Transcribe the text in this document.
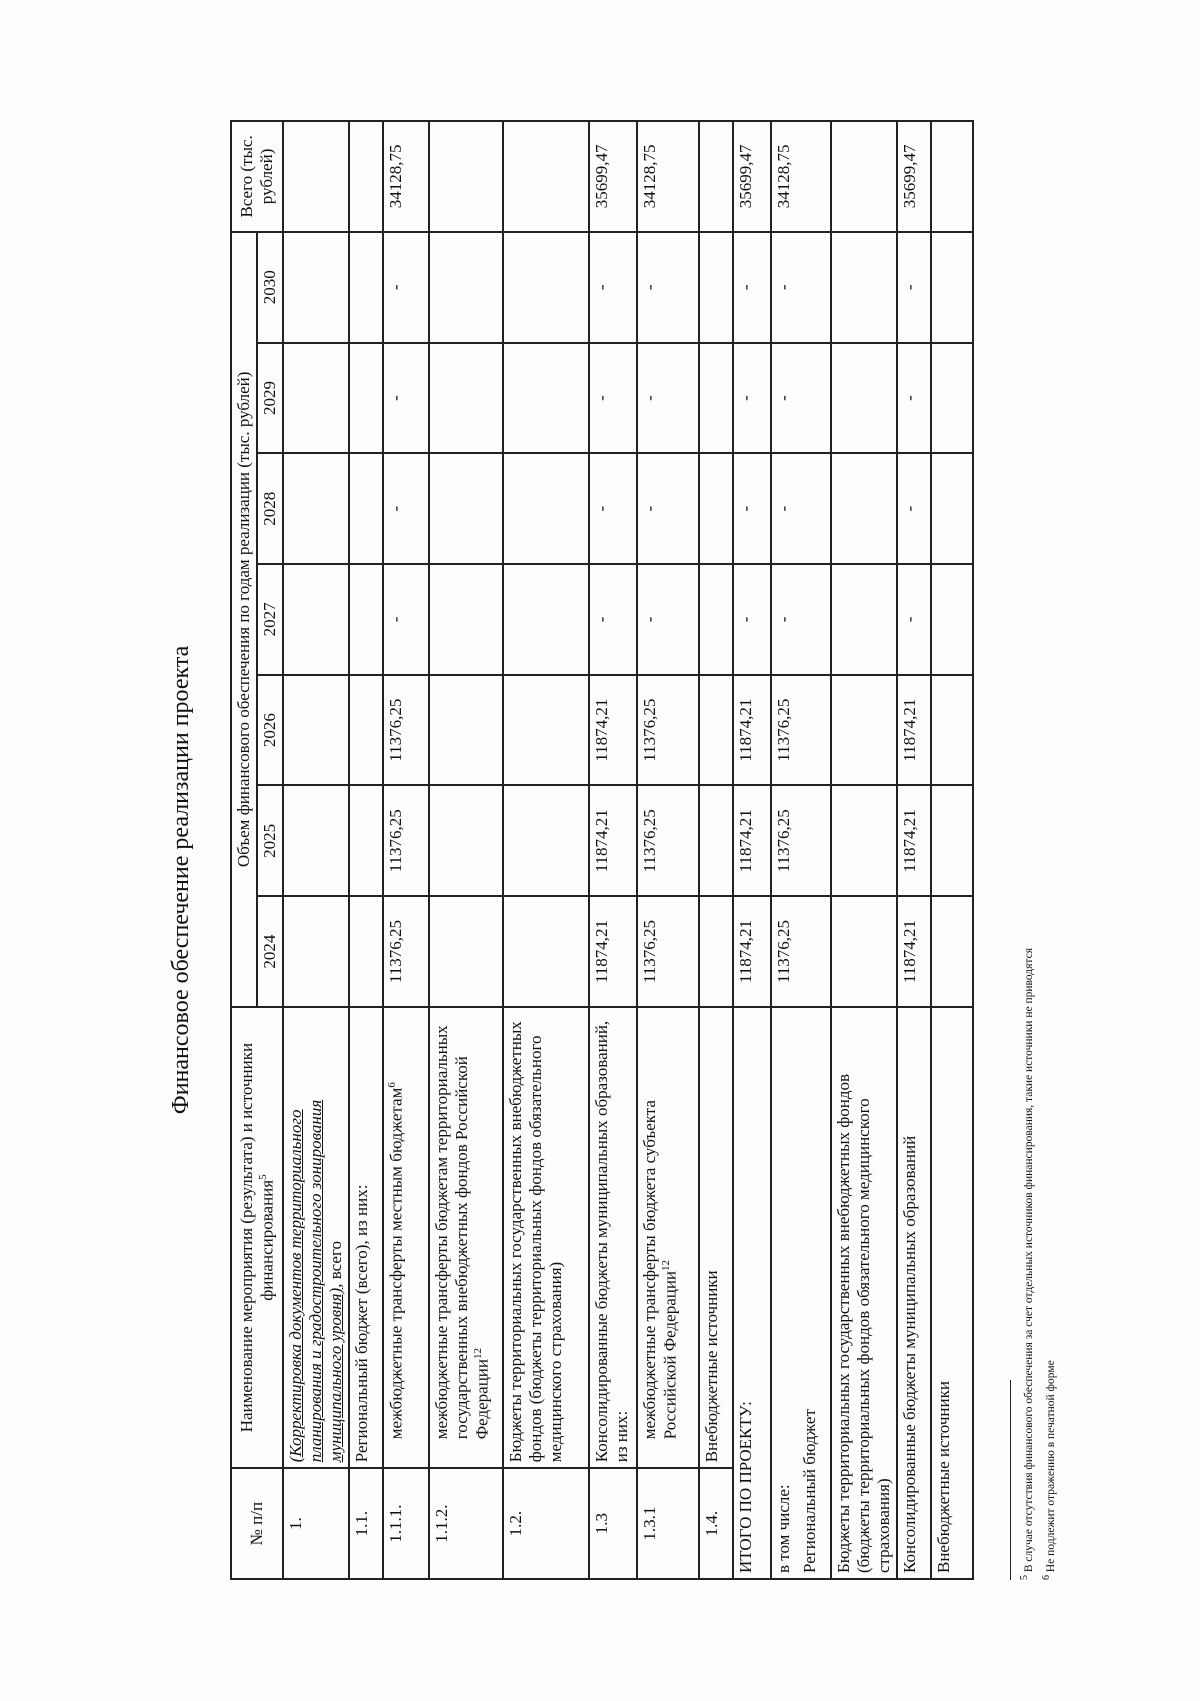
Финансовое обеспечение реализации проекта
№ п/п	Наименование мероприятия (результата) и источники финансирования$^5$	Объем финансового обеспечения по годам реализации (тыс. рублей)							Всего (тыс. рублей)
		2024	2025	2026	2027	2028	2029	2030	
1.	(Корректировка документов территориального планирования и градостроительного зонирования муниципального уровня), всего								
1.1.	Региональный бюджет (всего), из них:								
1.1.1.	межбюджетные трансферты местным бюджетам$^6$	11376,25	11376,25	11376,25	-	-	-	-	34128,75
1.1.2.	межбюджетные трансферты бюджетам территориальных государственных внебюджетных фондов Российской Федерации$^{12}$								
1.2.	Бюджеты территориальных государственных внебюджетных фондов (бюджеты территориальных фондов обязательного медицинского страхования)								
1.3	Консолидированные бюджеты муниципальных образований, из них:	11874,21	11874,21	11874,21	-	-	-	-	35699,47
1.3.1	межбюджетные трансферты бюджета субъекта Российской Федерации$^{12}$	11376,25	11376,25	11376,25	-	-	-	-	34128,75
1.4.	Внебюджетные источники								
ИТОГО ПО ПРОЕКТУ:		11874,21	11874,21	11874,21	-	-	-	-	35699,47
в том числе: Региональный бюджет		11376,25	11376,25	11376,25	-	-	-	-	34128,75
Бюджеты территориальных государственных внебюджетных фондов (бюджеты территориальных фондов обязательного медицинского страхования)									
Консолидированные бюджеты муниципальных образований		11874,21	11874,21	11874,21	-	-	-	-	35699,47
Внебюджетные источники									
$^5$ В случае отсутствия финансового обеспечения за счет отдельных источников финансирования, такие источники не приводятся
$^6$ Не подлежит отражению в печатной форме
